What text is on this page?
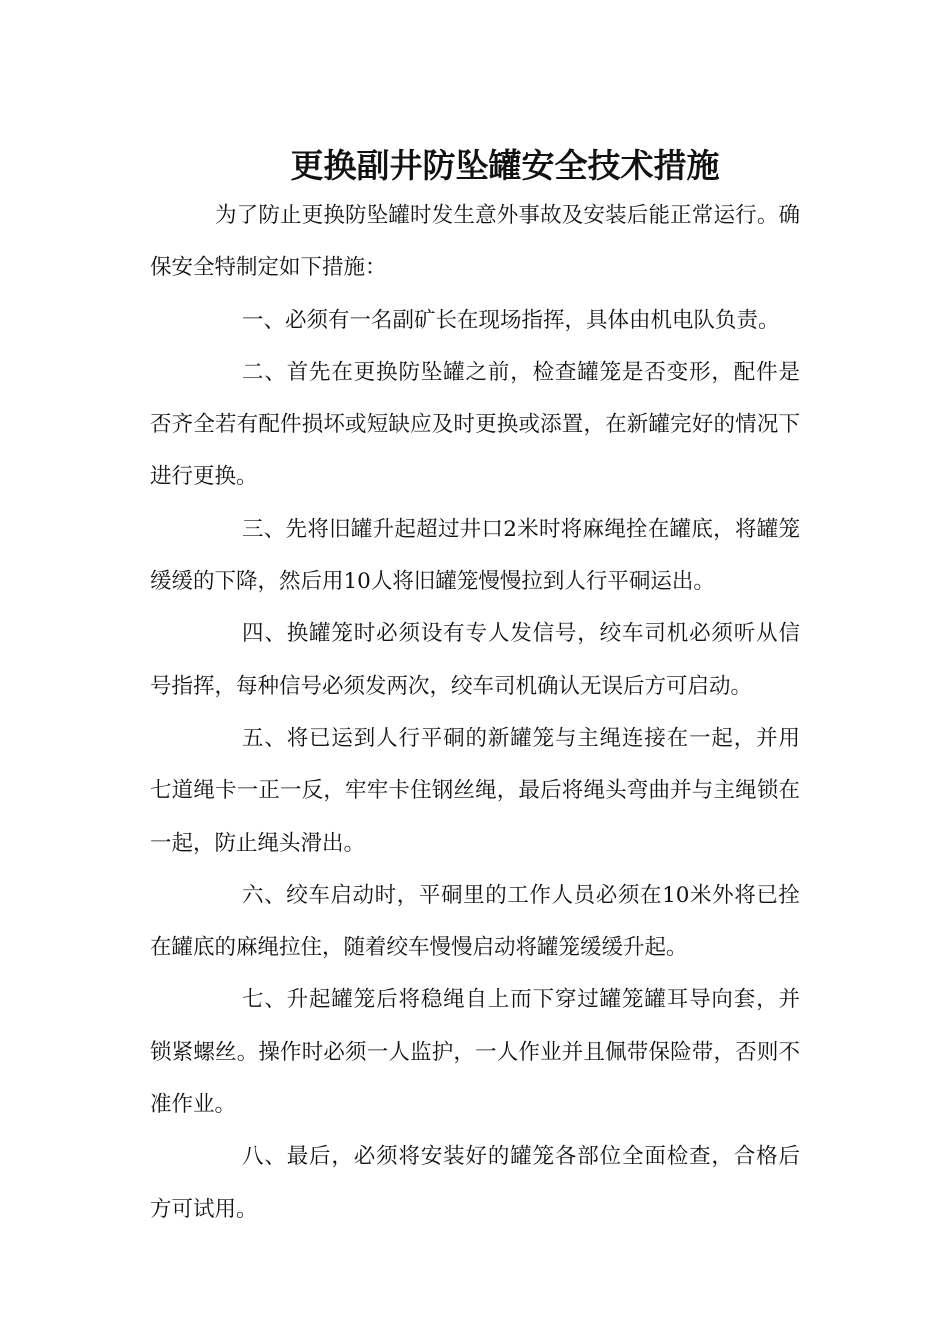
更换副井防坠罐安全技术措施

为了防止更换防坠罐时发生意外事故及安装后能正常运行。确保安全特制定如下措施：

一、必须有一名副矿长在现场指挥，具体由机电队负责。

二、首先在更换防坠罐之前，检查罐笼是否变形，配件是否齐全若有配件损坏或短缺应及时更换或添置，在新罐完好的情况下进行更换。

三、先将旧罐升起超过井口2米时将麻绳拴在罐底，将罐笼缓缓的下降，然后用10人将旧罐笼慢慢拉到人行平硐运出。

四、换罐笼时必须设有专人发信号，绞车司机必须听从信号指挥，每种信号必须发两次，绞车司机确认无误后方可启动。

五、将已运到人行平硐的新罐笼与主绳连接在一起，并用七道绳卡一正一反，牢牢卡住钢丝绳，最后将绳头弯曲并与主绳锁在一起，防止绳头滑出。

六、绞车启动时，平硐里的工作人员必须在10米外将已拴在罐底的麻绳拉住，随着绞车慢慢启动将罐笼缓缓升起。

七、升起罐笼后将稳绳自上而下穿过罐笼罐耳导向套，并锁紧螺丝。操作时必须一人监护，一人作业并且佩带保险带，否则不准作业。

八、最后，必须将安装好的罐笼各部位全面检查，合格后方可试用。
